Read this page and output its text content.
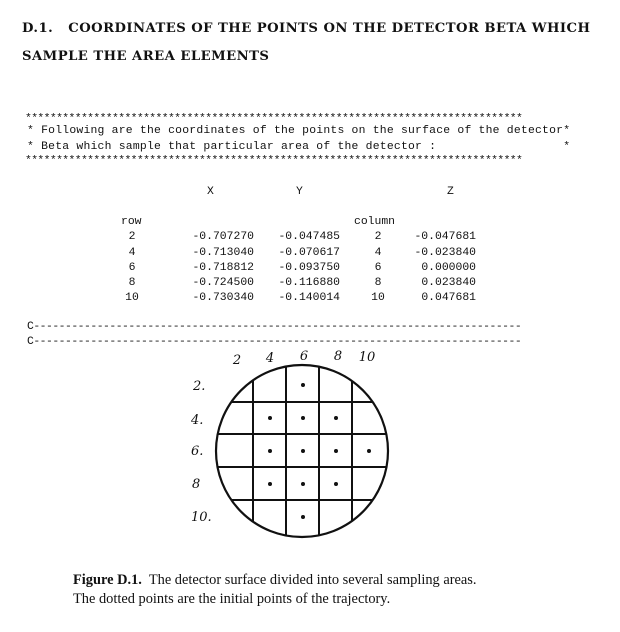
D.1. COORDINATES OF THE POINTS ON THE DETECTOR BETA WHICH
SAMPLE THE AREA ELEMENTS
********************************************************************************
* Following are the coordinates of the points on the surface of the detector*
* Beta which sample that particular area of the detector :                  *
********************************************************************************
X	Y	Z
row	column
2	-0.707270	-0.047485	2	-0.047681
4	-0.713040	-0.070617	4	-0.023840
6	-0.718812	-0.093750	6	0.000000
8	-0.724500	-0.116880	8	0.023840
10	-0.730340	-0.140014	10	0.047681
C-----------------------------------------------------------------------------
C-----------------------------------------------------------------------------
2 4 6 8 10
2.
4.
6.
8
10.
Figure D.1. The detector surface divided into several sampling areas.
The dotted points are the initial points of the trajectory.
